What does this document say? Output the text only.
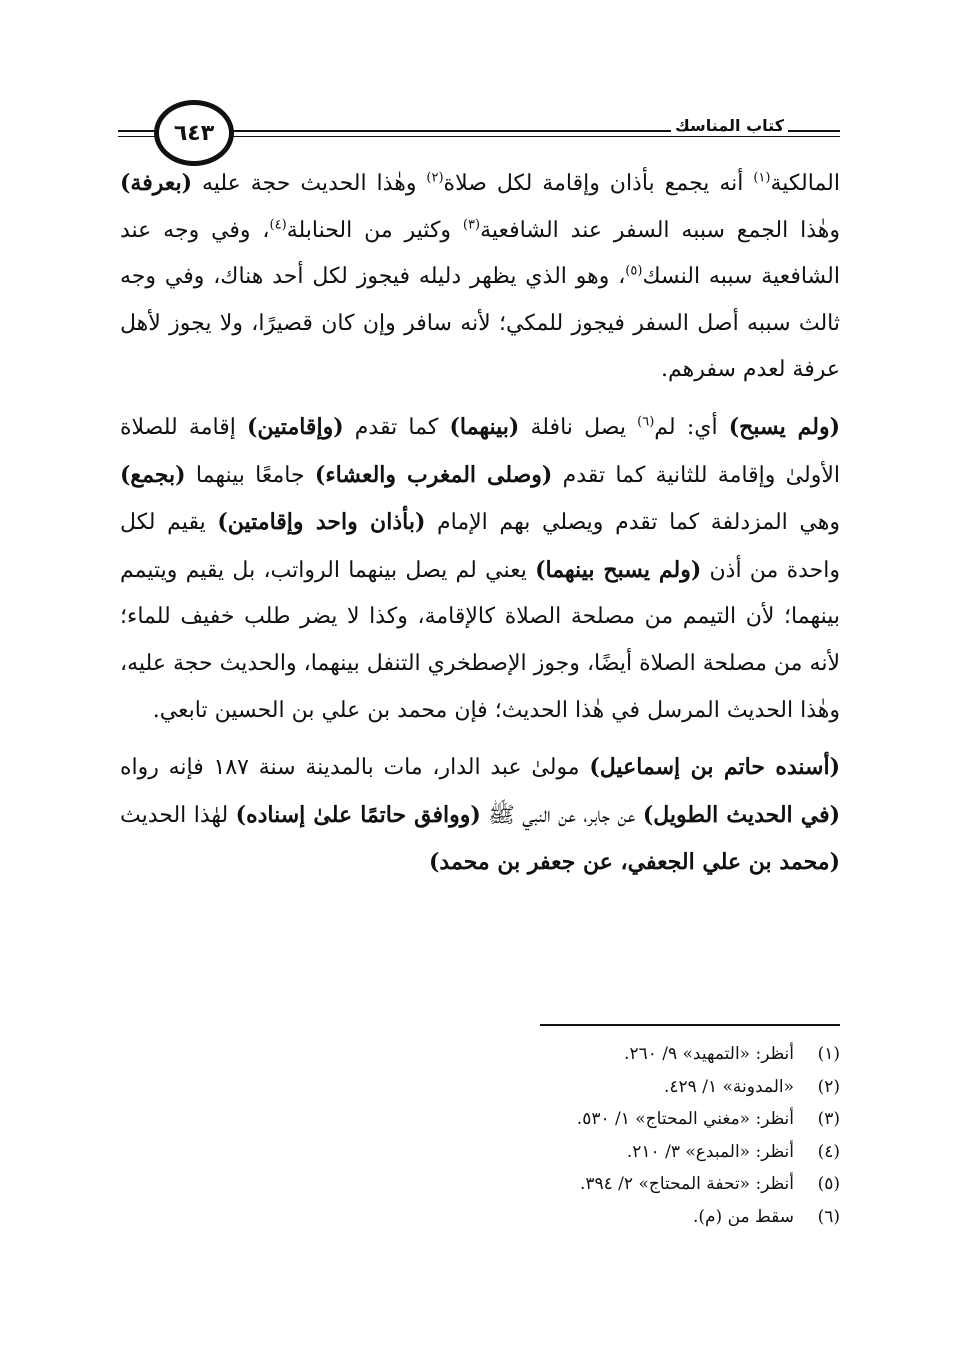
كتاب المناسك
٦٤٣

المالكية$^{(١)}$ أنه يجمع بأذان وإقامة لكل صلاة$^{(٢)}$ وهٰذا الحديث حجة عليه (بعرفة) وهٰذا الجمع سببه السفر عند الشافعية$^{(٣)}$ وكثير من الحنابلة$^{(٤)}$، وفي وجه عند الشافعية سببه النسك$^{(٥)}$، وهو الذي يظهر دليله فيجوز لكل أحد هناك، وفي وجه ثالث سببه أصل السفر فيجوز للمكي؛ لأنه سافر وإن كان قصيرًا، ولا يجوز لأهل عرفة لعدم سفرهم.

(ولم يسبح) أي: لم$^{(٦)}$ يصل نافلة (بينهما) كما تقدم (وإقامتين) إقامة للصلاة الأولىٰ وإقامة للثانية كما تقدم (وصلى المغرب والعشاء) جامعًا بينهما (بجمع) وهي المزدلفة كما تقدم ويصلي بهم الإمام (بأذان واحد وإقامتين) يقيم لكل واحدة من أذن (ولم يسبح بينهما) يعني لم يصل بينهما الرواتب، بل يقيم ويتيمم بينهما؛ لأن التيمم من مصلحة الصلاة كالإقامة، وكذا لا يضر طلب خفيف للماء؛ لأنه من مصلحة الصلاة أيضًا، وجوز الإصطخري التنفل بينهما، والحديث حجة عليه، وهٰذا الحديث المرسل في هٰذا الحديث؛ فإن محمد بن علي بن الحسين تابعي.

(أسنده حاتم بن إسماعيل) مولىٰ عبد الدار، مات بالمدينة سنة ١٨٧ فإنه رواه (في الحديث الطويل) عن جابر، عن النبي ﷺ (ووافق حاتمًا علىٰ إسناده) لهٰذا الحديث (محمد بن علي الجعفي، عن جعفر بن محمد)

(١)
أنظر: «التمهيد» ٩/ ٢٦٠.
(٢)
«المدونة» ١/ ٤٢٩.
(٣)
أنظر: «مغني المحتاج» ١/ ٥٣٠.
(٤)
أنظر: «المبدع» ٣/ ٢١٠.
(٥)
أنظر: «تحفة المحتاج» ٢/ ٣٩٤.
(٦)
سقط من (م).
